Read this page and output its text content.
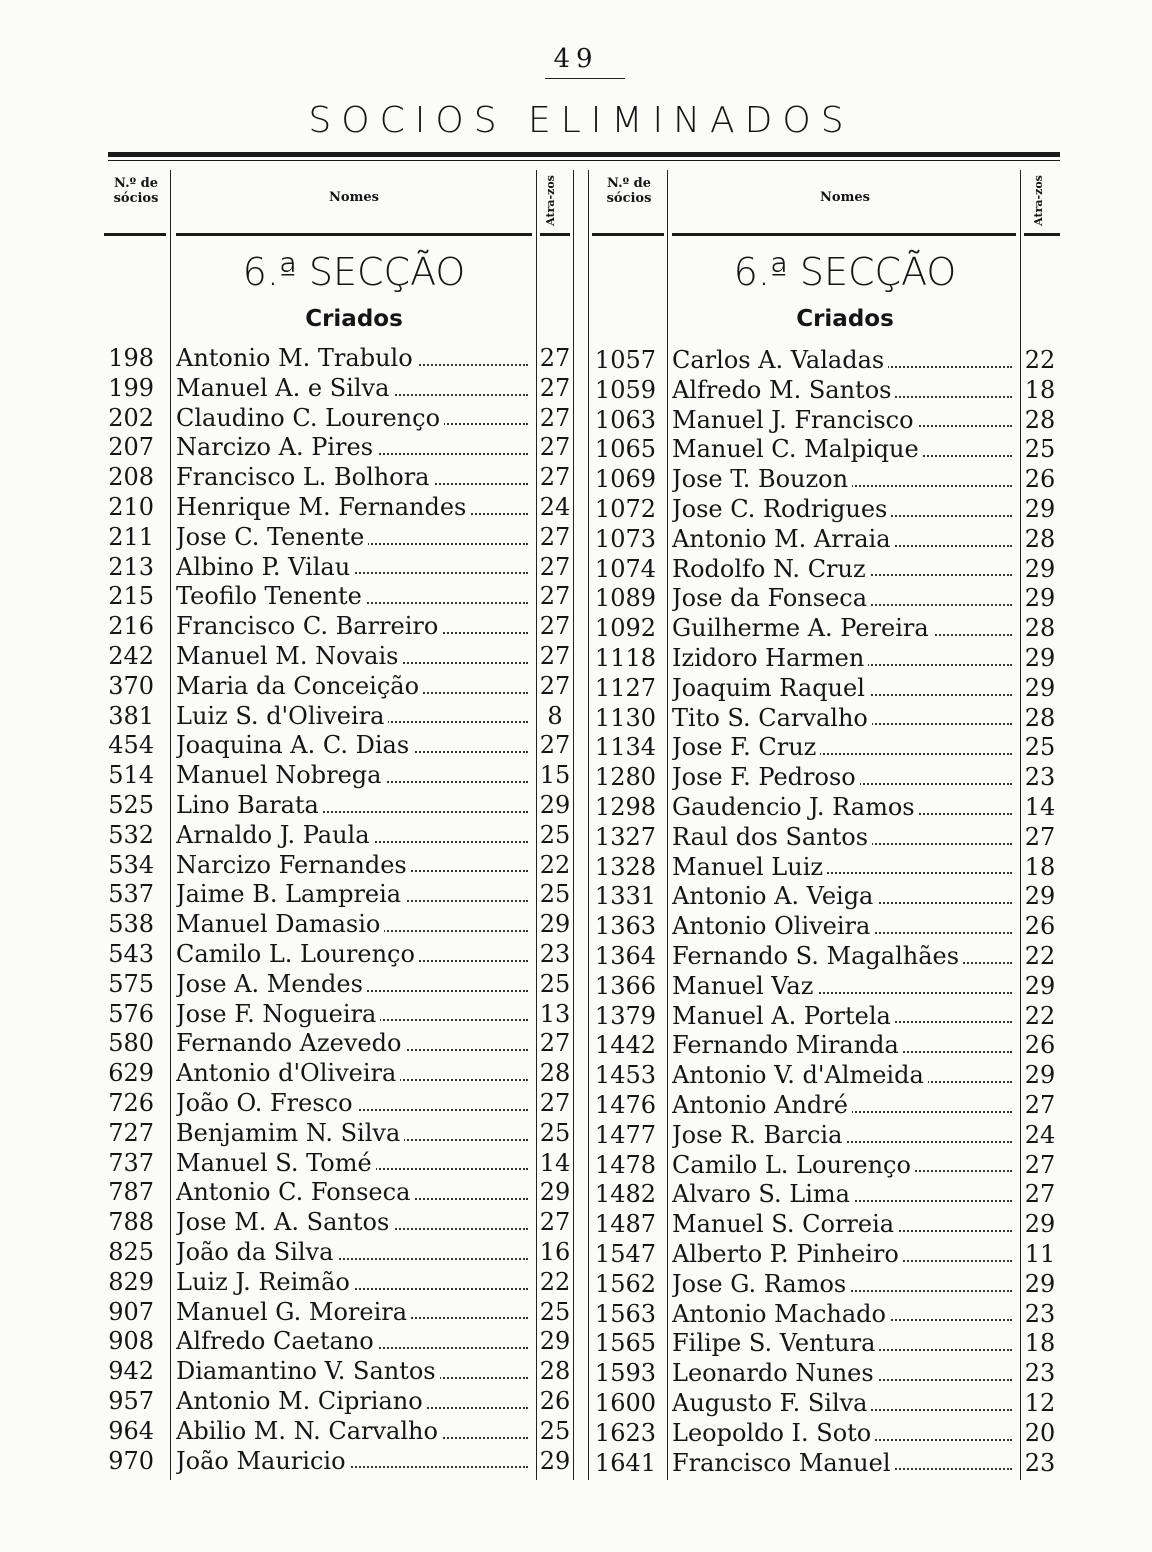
49
SOCIOS ELIMINADOS
N.º de sócios	Nomes	Atra-zos	N.º de sócios	Nomes	Atra-zos
6.ª SECÇÃO
Criados
6.ª SECÇÃO
Criados
198 Antonio M. Trabulo	27
199 Manuel A. e Silva	27
202 Claudino C. Lourenço	27
207 Narcizo A. Pires	27
208 Francisco L. Bolhora	27
210 Henrique M. Fernandes	24
211 Jose C. Tenente	27
213 Albino P. Vilau	27
215 Teofilo Tenente	27
216 Francisco C. Barreiro	27
242 Manuel M. Novais	27
370 Maria da Conceição	27
381 Luiz S. d'Oliveira	8
454 Joaquina A. C. Dias	27
514 Manuel Nobrega	15
525 Lino Barata	29
532 Arnaldo J. Paula	25
534 Narcizo Fernandes	22
537 Jaime B. Lampreia	25
538 Manuel Damasio	29
543 Camilo L. Lourenço	23
575 Jose A. Mendes	25
576 Jose F. Nogueira	13
580 Fernando Azevedo	27
629 Antonio d'Oliveira	28
726 João O. Fresco	27
727 Benjamim N. Silva	25
737 Manuel S. Tomé	14
787 Antonio C. Fonseca	29
788 Jose M. A. Santos	27
825 João da Silva	16
829 Luiz J. Reimão	22
907 Manuel G. Moreira	25
908 Alfredo Caetano	29
942 Diamantino V. Santos	28
957 Antonio M. Cipriano	26
964 Abilio M. N. Carvalho	25
970 João Mauricio	29
1057 Carlos A. Valadas	22
1059 Alfredo M. Santos	18
1063 Manuel J. Francisco	28
1065 Manuel C. Malpique	25
1069 Jose T. Bouzon	26
1072 Jose C. Rodrigues	29
1073 Antonio M. Arraia	28
1074 Rodolfo N. Cruz	29
1089 Jose da Fonseca	29
1092 Guilherme A. Pereira	28
1118 Izidoro Harmen	29
1127 Joaquim Raquel	29
1130 Tito S. Carvalho	28
1134 Jose F. Cruz	25
1280 Jose F. Pedroso	23
1298 Gaudencio J. Ramos	14
1327 Raul dos Santos	27
1328 Manuel Luiz	18
1331 Antonio A. Veiga	29
1363 Antonio Oliveira	26
1364 Fernando S. Magalhães	22
1366 Manuel Vaz	29
1379 Manuel A. Portela	22
1442 Fernando Miranda	26
1453 Antonio V. d'Almeida	29
1476 Antonio André	27
1477 Jose R. Barcia	24
1478 Camilo L. Lourenço	27
1482 Alvaro S. Lima	27
1487 Manuel S. Correia	29
1547 Alberto P. Pinheiro	11
1562 Jose G. Ramos	29
1563 Antonio Machado	23
1565 Filipe S. Ventura	18
1593 Leonardo Nunes	23
1600 Augusto F. Silva	12
1623 Leopoldo I. Soto	20
1641 Francisco Manuel	23
